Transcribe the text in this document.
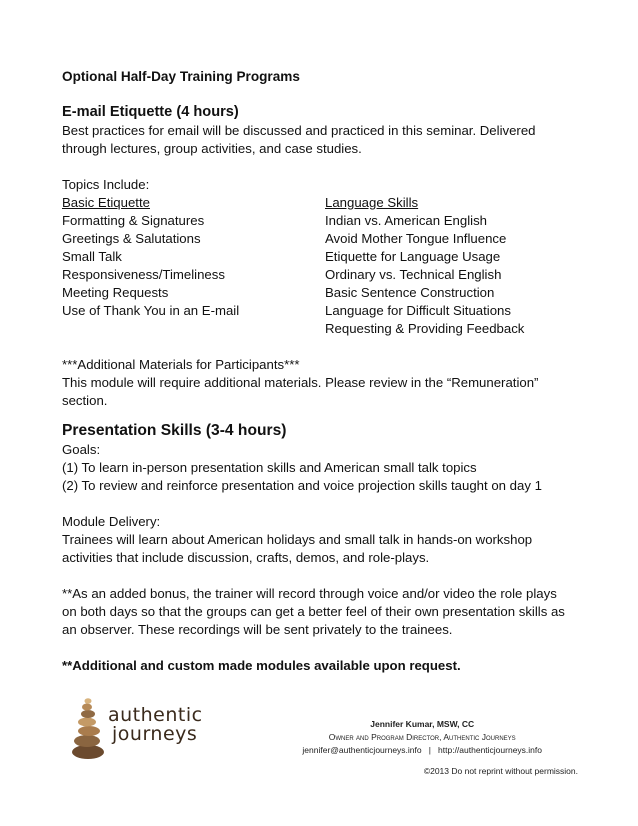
Optional Half-Day Training Programs

E-mail Etiquette (4 hours)

Best practices for email will be discussed and practiced in this seminar. Delivered

through lectures, group activities, and case studies.

Topics Include:

Basic Etiquette

Formatting & Signatures

Greetings & Salutations

Small Talk

Responsiveness/Timeliness

Meeting Requests

Use of Thank You in an E-mail

Language Skills

Indian vs. American English

Avoid Mother Tongue Influence

Etiquette for Language Usage

Ordinary vs. Technical English

Basic Sentence Construction

Language for Difficult Situations

Requesting & Providing Feedback

***Additional Materials for Participants***

This module will require additional materials. Please review in the “Remuneration”

section.

Presentation Skills (3-4 hours)

Goals:

(1) To learn in-person presentation skills and American small talk topics

(2) To review and reinforce presentation and voice projection skills taught on day 1

Module Delivery:

Trainees will learn about American holidays and small talk in hands-on workshop

activities that include discussion, crafts, demos, and role-plays.

**As an added bonus, the trainer will record through voice and/or video the role plays

on both days so that the groups can get a better feel of their own presentation skills as

an observer. These recordings will be sent privately to the trainees.

**Additional and custom made modules available upon request.

authentic
journeys	Jennifer Kumar, MSW, CC
Owner and Program Director, Authentic Journeys
jennifer@authenticjourneys.info | http://authenticjourneys.info
©2013 Do not reprint without permission.
